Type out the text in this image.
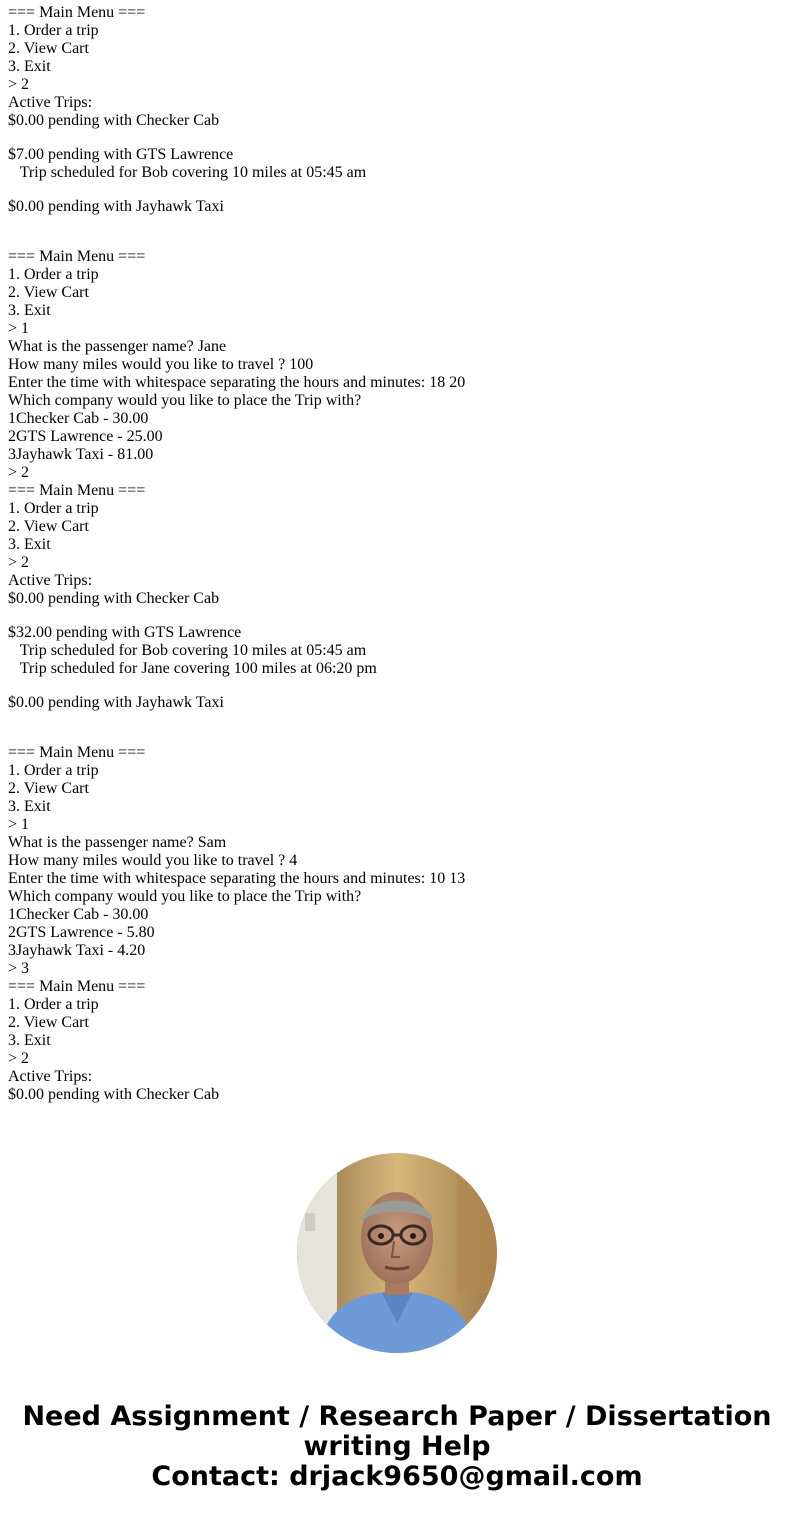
=== Main Menu ===
1. Order a trip
2. View Cart
3. Exit
> 2
Active Trips:
$0.00 pending with Checker Cab
$7.00 pending with GTS Lawrence
Trip scheduled for Bob covering 10 miles at 05:45 am
$0.00 pending with Jayhawk Taxi
=== Main Menu ===
1. Order a trip
2. View Cart
3. Exit
> 1
What is the passenger name? Jane
How many miles would you like to travel ? 100
Enter the time with whitespace separating the hours and minutes: 18 20
Which company would you like to place the Trip with?
1Checker Cab - 30.00
2GTS Lawrence - 25.00
3Jayhawk Taxi - 81.00
> 2
=== Main Menu ===
1. Order a trip
2. View Cart
3. Exit
> 2
Active Trips:
$0.00 pending with Checker Cab
$32.00 pending with GTS Lawrence
Trip scheduled for Bob covering 10 miles at 05:45 am
Trip scheduled for Jane covering 100 miles at 06:20 pm
$0.00 pending with Jayhawk Taxi
=== Main Menu ===
1. Order a trip
2. View Cart
3. Exit
> 1
What is the passenger name? Sam
How many miles would you like to travel ? 4
Enter the time with whitespace separating the hours and minutes: 10 13
Which company would you like to place the Trip with?
1Checker Cab - 30.00
2GTS Lawrence - 5.80
3Jayhawk Taxi - 4.20
> 3
=== Main Menu ===
1. Order a trip
2. View Cart
3. Exit
> 2
Active Trips:
$0.00 pending with Checker Cab
Need Assignment / Research Paper / Dissertation
writing Help
Contact: drjack9650@gmail.com
